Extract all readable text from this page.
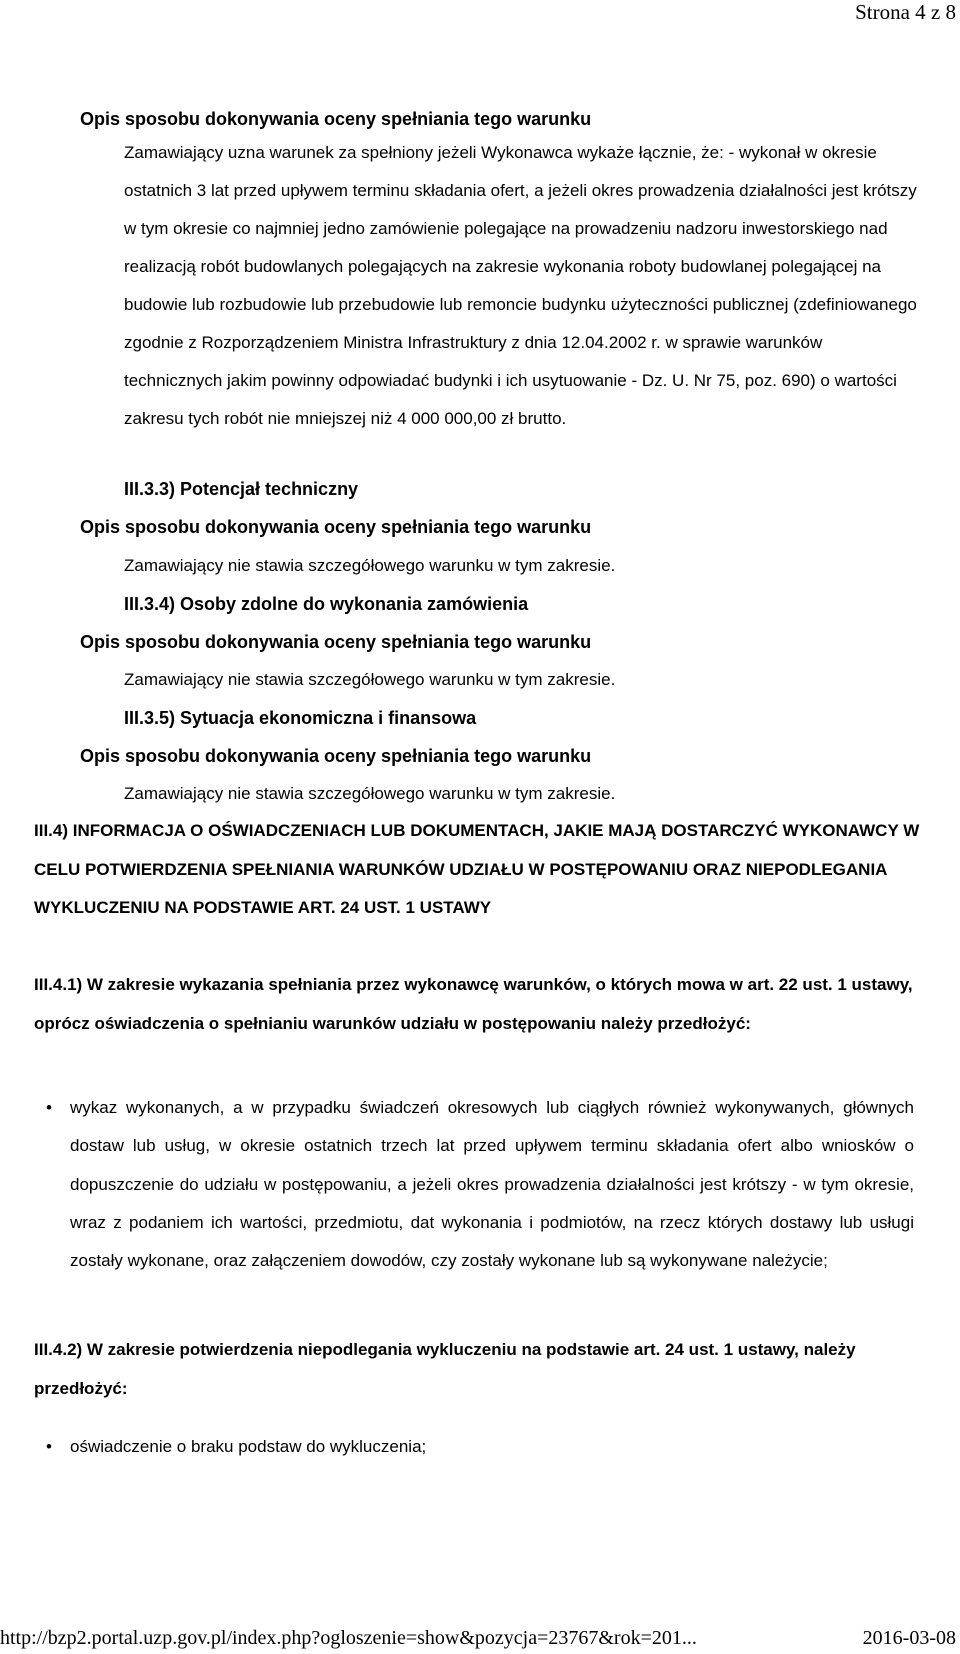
Strona 4 z 8
Opis sposobu dokonywania oceny spełniania tego warunku

Zamawiający uzna warunek za spełniony jeżeli Wykonawca wykaże łącznie, że: - wykonał w okresie ostatnich 3 lat przed upływem terminu składania ofert, a jeżeli okres prowadzenia działalności jest krótszy w tym okresie co najmniej jedno zamówienie polegające na prowadzeniu nadzoru inwestorskiego nad realizacją robót budowlanych polegających na zakresie wykonania roboty budowlanej polegającej na budowie lub rozbudowie lub przebudowie lub remoncie budynku użyteczności publicznej (zdefiniowanego zgodnie z Rozporządzeniem Ministra Infrastruktury z dnia 12.04.2002 r. w sprawie warunków technicznych jakim powinny odpowiadać budynki i ich usytuowanie - Dz. U. Nr 75, poz. 690) o wartości zakresu tych robót nie mniejszej niż 4 000 000,00 zł brutto.

III.3.3) Potencjał techniczny
Opis sposobu dokonywania oceny spełniania tego warunku
Zamawiający nie stawia szczegółowego warunku w tym zakresie.
III.3.4) Osoby zdolne do wykonania zamówienia
Opis sposobu dokonywania oceny spełniania tego warunku
Zamawiający nie stawia szczegółowego warunku w tym zakresie.
III.3.5) Sytuacja ekonomiczna i finansowa
Opis sposobu dokonywania oceny spełniania tego warunku
Zamawiający nie stawia szczegółowego warunku w tym zakresie.

III.4) INFORMACJA O OŚWIADCZENIACH LUB DOKUMENTACH, JAKIE MAJĄ DOSTARCZYĆ WYKONAWCY W CELU POTWIERDZENIA SPEŁNIANIA WARUNKÓW UDZIAŁU W POSTĘPOWANIU ORAZ NIEPODLEGANIA WYKLUCZENIU NA PODSTAWIE ART. 24 UST. 1 USTAWY

III.4.1) W zakresie wykazania spełniania przez wykonawcę warunków, o których mowa w art. 22 ust. 1 ustawy, oprócz oświadczenia o spełnianiu warunków udziału w postępowaniu należy przedłożyć:

• wykaz wykonanych, a w przypadku świadczeń okresowych lub ciągłych również wykonywanych, głównych dostaw lub usług, w okresie ostatnich trzech lat przed upływem terminu składania ofert albo wniosków o dopuszczenie do udziału w postępowaniu, a jeżeli okres prowadzenia działalności jest krótszy - w tym okresie, wraz z podaniem ich wartości, przedmiotu, dat wykonania i podmiotów, na rzecz których dostawy lub usługi zostały wykonane, oraz załączeniem dowodów, czy zostały wykonane lub są wykonywane należycie;

III.4.2) W zakresie potwierdzenia niepodlegania wykluczeniu na podstawie art. 24 ust. 1 ustawy, należy przedłożyć:

• oświadczenie o braku podstaw do wykluczenia;
http://bzp2.portal.uzp.gov.pl/index.php?ogloszenie=show&pozycja=23767&rok=201...	2016-03-08
